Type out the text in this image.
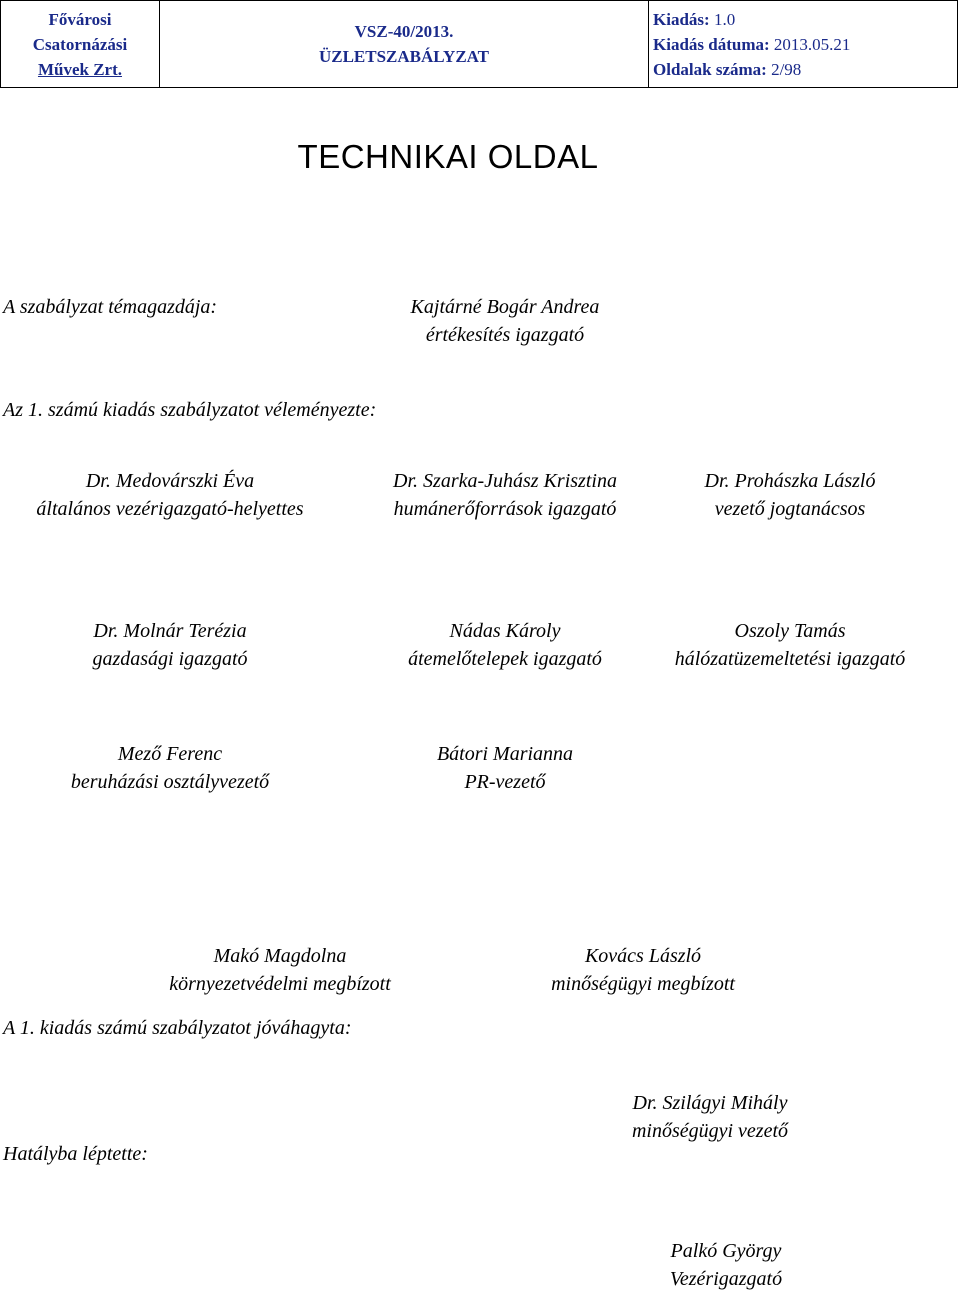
Fővárosi
Csatornázási
Művek Zrt.

VSZ-40/2013.
ÜZLETSZABÁLYZAT

Kiadás: 1.0
Kiadás dátuma: 2013.05.21
Oldalak száma: 2/98
TECHNIKAI OLDAL
A szabályzat témagazdája:	Kajtárné Bogár Andrea
értékesítés igazgató
Az 1. számú kiadás szabályzatot véleményezte:
Dr. Medovárszki Éva
általános vezérigazgató-helyettes
Dr. Szarka-Juhász Krisztina
humánerőforrások igazgató
Dr. Prohászka László
vezető jogtanácsos
Dr. Molnár Terézia
gazdasági igazgató
Nádas Károly
átemelőtelepek igazgató
Oszoly Tamás
hálózatüzemeltetési igazgató
Mező Ferenc
beruházási osztályvezető
Bátori Marianna
PR-vezető
Makó Magdolna
környezetvédelmi megbízott
Kovács László
minőségügyi megbízott
A 1. kiadás számú szabályzatot jóváhagyta:
Dr. Szilágyi Mihály
minőségügyi vezető
Hatályba léptette:
Palkó György
Vezérigazgató
